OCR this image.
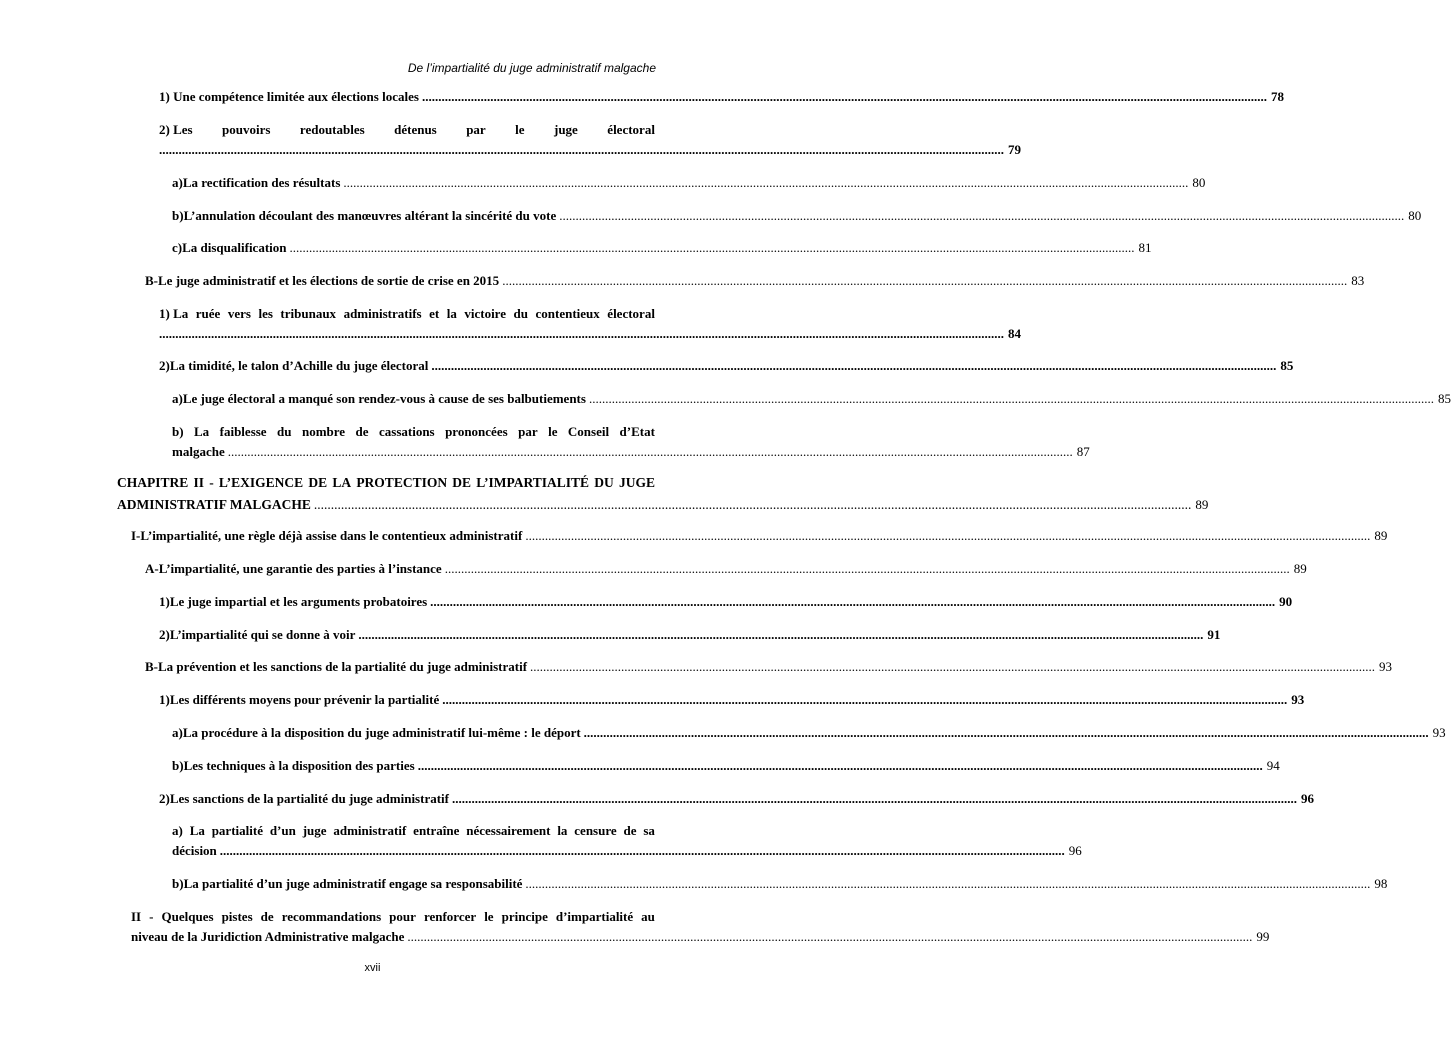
De l’impartialité du juge administratif malgache
1) Une compétence limitée aux élections locales .................................................................................................................................................................................................................................................................... 78
2) Les pouvoirs redoutables détenus par le juge électoral
.................................................................................................................................................................................................................................................................... 79
a) La rectification des résultats .................................................................................................................................................................................................................................................................... 80
b) L’annulation découlant des manœuvres altérant la sincérité du vote .................................................................................................................................................................................................................................................................... 80
c) La disqualification .................................................................................................................................................................................................................................................................... 81
B- Le juge administratif et les élections de sortie de crise en 2015 .................................................................................................................................................................................................................................................................... 83
1) La ruée vers les tribunaux administratifs et la victoire du contentieux électoral
.................................................................................................................................................................................................................................................................... 84
2) La timidité, le talon d’Achille du juge électoral .................................................................................................................................................................................................................................................................... 85
a) Le juge électoral a manqué son rendez-vous à cause de ses balbutiements .................................................................................................................................................................................................................................................................... 85
b) La faiblesse du nombre de cassations prononcées par le Conseil d’Etat
malgache .................................................................................................................................................................................................................................................................... 87
CHAPITRE II - L’EXIGENCE DE LA PROTECTION DE L’IMPARTIALITÉ DU JUGE
ADMINISTRATIF MALGACHE .................................................................................................................................................................................................................................................................... 89
I- L’impartialité, une règle déjà assise dans le contentieux administratif .................................................................................................................................................................................................................................................................... 89
A- L’impartialité, une garantie des parties à l’instance .................................................................................................................................................................................................................................................................... 89
1) Le juge impartial et les arguments probatoires .................................................................................................................................................................................................................................................................... 90
2) L’impartialité qui se donne à voir .................................................................................................................................................................................................................................................................... 91
B- La prévention et les sanctions de la partialité du juge administratif .................................................................................................................................................................................................................................................................... 93
1) Les différents moyens pour prévenir la partialité .................................................................................................................................................................................................................................................................... 93
a) La procédure à la disposition du juge administratif lui-même : le déport .................................................................................................................................................................................................................................................................... 93
b) Les techniques à la disposition des parties .................................................................................................................................................................................................................................................................... 94
2) Les sanctions de la partialité du juge administratif .................................................................................................................................................................................................................................................................... 96
a) La partialité d’un juge administratif entraîne nécessairement la censure de sa
décision .................................................................................................................................................................................................................................................................... 96
b) La partialité d’un juge administratif engage sa responsabilité .................................................................................................................................................................................................................................................................... 98
II - Quelques pistes de recommandations pour renforcer le principe d’impartialité au
niveau de la Juridiction Administrative malgache .................................................................................................................................................................................................................................................................... 99
xvii
